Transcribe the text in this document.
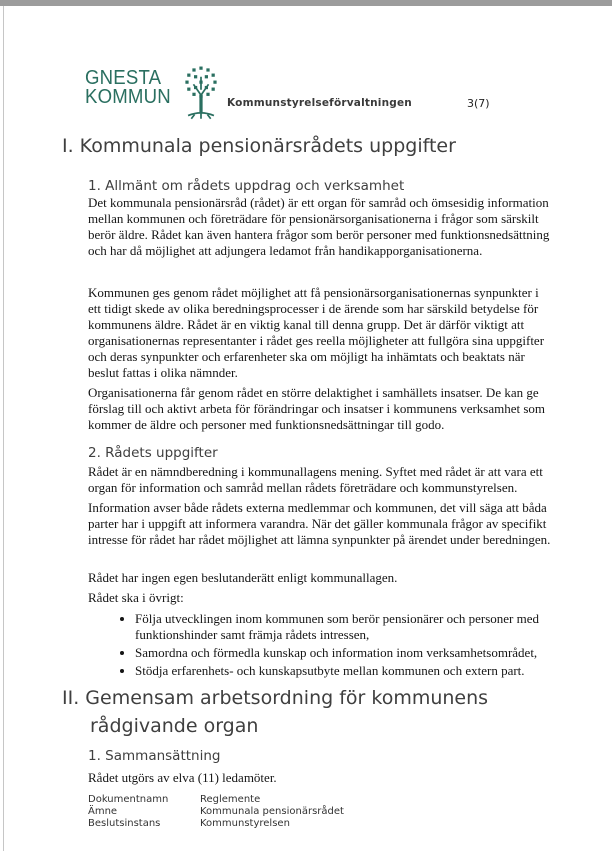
GNESTA
KOMMUN	Kommunstyrelseförvaltningen	3(7)
I. Kommunala pensionärsrådets uppgifter
1. Allmänt om rådets uppdrag och verksamhet

Det kommunala pensionärsråd (rådet) är ett organ för samråd och ömsesidig information mellan kommunen och företrädare för pensionärsorganisationerna i frågor som särskilt berör äldre. Rådet kan även hantera frågor som berör personer med funktionsnedsättning och har då möjlighet att adjungera ledamot från handikapporganisationerna.

Kommunen ges genom rådet möjlighet att få pensionärsorganisationernas synpunkter i ett tidigt skede av olika beredningsprocesser i de ärende som har särskild betydelse för kommunens äldre. Rådet är en viktig kanal till denna grupp. Det är därför viktigt att organisationernas representanter i rådet ges reella möjligheter att fullgöra sina uppgifter och deras synpunkter och erfarenheter ska om möjligt ha inhämtats och beaktats när beslut fattas i olika nämnder.

Organisationerna får genom rådet en större delaktighet i samhällets insatser. De kan ge förslag till och aktivt arbeta för förändringar och insatser i kommunens verksamhet som kommer de äldre och personer med funktionsnedsättningar till godo.

2. Rådets uppgifter

Rådet är en nämndberedning i kommunallagens mening. Syftet med rådet är att vara ett organ för information och samråd mellan rådets företrädare och kommunstyrelsen.

Information avser både rådets externa medlemmar och kommunen, det vill säga att båda parter har i uppgift att informera varandra. När det gäller kommunala frågor av specifikt intresse för rådet har rådet möjlighet att lämna synpunkter på ärendet under beredningen.

Rådet har ingen egen beslutanderätt enligt kommunallagen.

Rådet ska i övrigt:

• Följa utvecklingen inom kommunen som berör pensionärer och personer med funktionshinder samt främja rådets intressen,
• Samordna och förmedla kunskap och information inom verksamhetsområdet,
• Stödja erfarenhets- och kunskapsutbyte mellan kommunen och extern part.
II. Gemensam arbetsordning för kommunens
rådgivande organ
1. Sammansättning

Rådet utgörs av elva (11) ledamöter.

Dokumentnamn	Reglemente
Ämne	Kommunala pensionärsrådet
Beslutsinstans	Kommunstyrelsen
